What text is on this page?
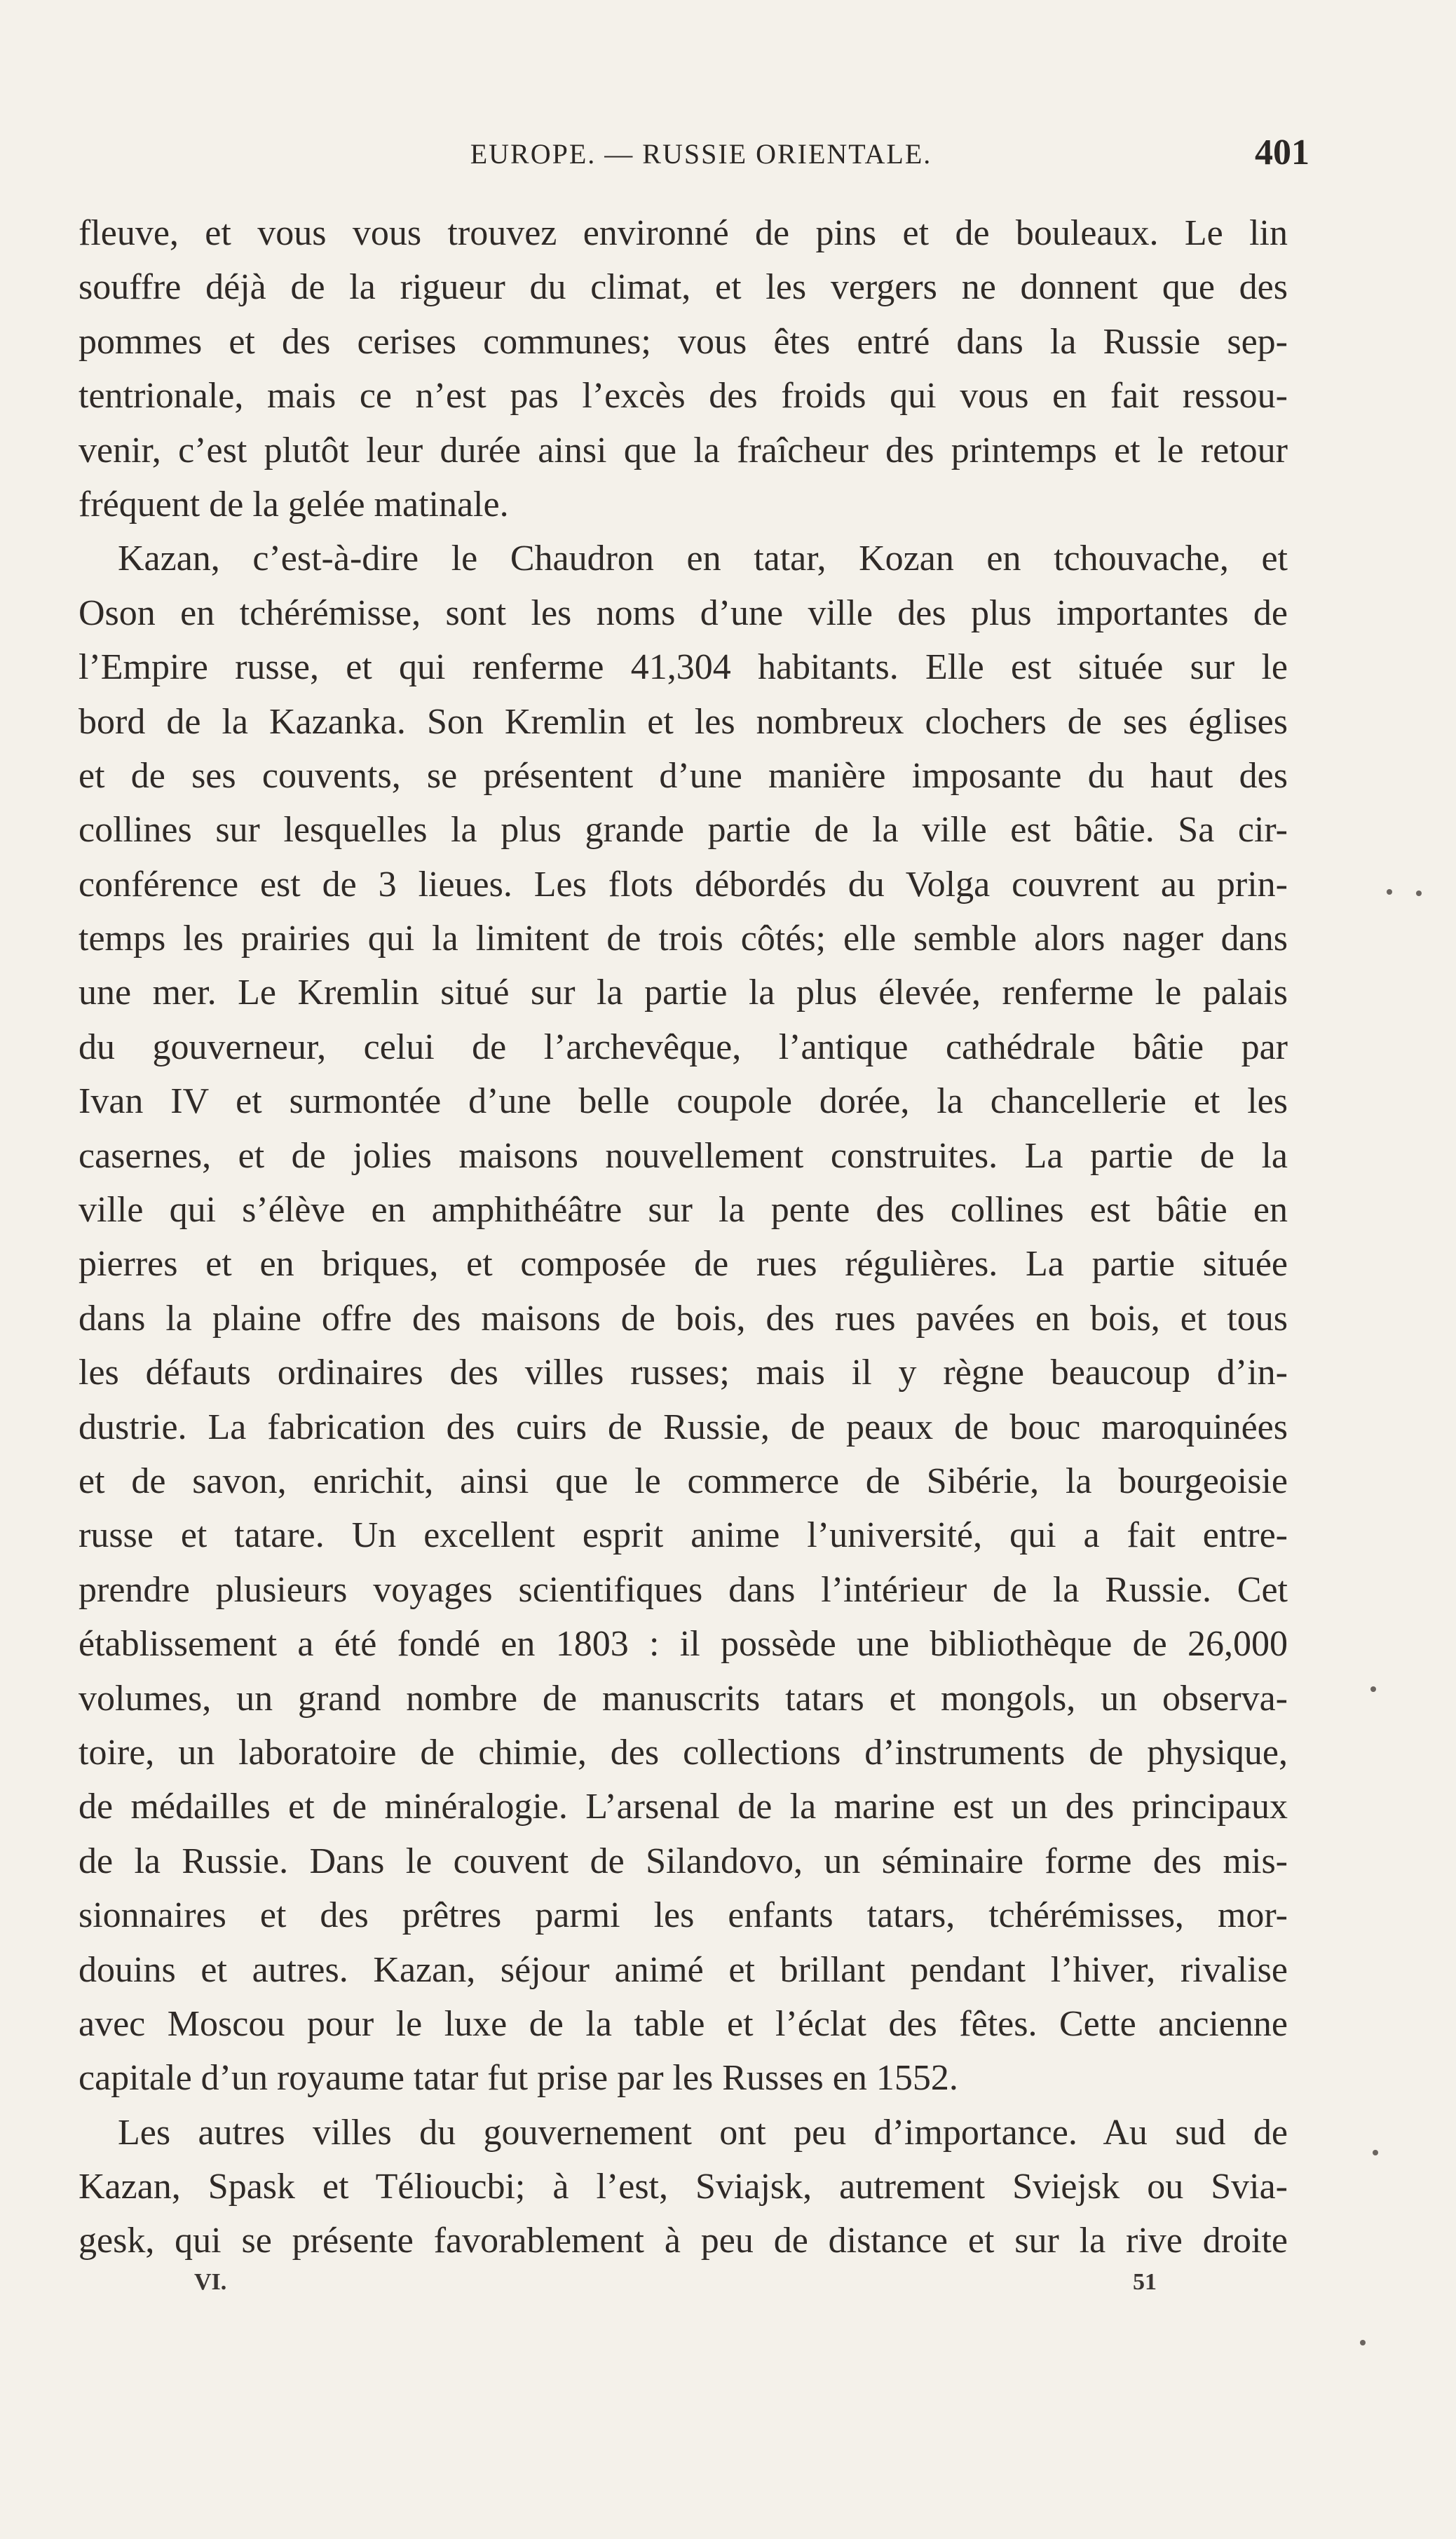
EUROPE. — RUSSIE ORIENTALE.	401
fleuve, et vous vous trouvez environné de pins et de bouleaux. Le lin
souffre déjà de la rigueur du climat, et les vergers ne donnent que des
pommes et des cerises communes; vous êtes entré dans la Russie sep-
tentrionale, mais ce n’est pas l’excès des froids qui vous en fait ressou-
venir, c’est plutôt leur durée ainsi que la fraîcheur des printemps et le retour
fréquent de la gelée matinale.
Kazan, c’est-à-dire le Chaudron en tatar, Kozan en tchouvache, et
Oson en tchérémisse, sont les noms d’une ville des plus importantes de
l’Empire russe, et qui renferme 41,304 habitants. Elle est située sur le
bord de la Kazanka. Son Kremlin et les nombreux clochers de ses églises
et de ses couvents, se présentent d’une manière imposante du haut des
collines sur lesquelles la plus grande partie de la ville est bâtie. Sa cir-
conférence est de 3 lieues. Les flots débordés du Volga couvrent au prin-
temps les prairies qui la limitent de trois côtés; elle semble alors nager dans
une mer. Le Kremlin situé sur la partie la plus élevée, renferme le palais
du gouverneur, celui de l’archevêque, l’antique cathédrale bâtie par
Ivan IV et surmontée d’une belle coupole dorée, la chancellerie et les
casernes, et de jolies maisons nouvellement construites. La partie de la
ville qui s’élève en amphithéâtre sur la pente des collines est bâtie en
pierres et en briques, et composée de rues régulières. La partie située
dans la plaine offre des maisons de bois, des rues pavées en bois, et tous
les défauts ordinaires des villes russes; mais il y règne beaucoup d’in-
dustrie. La fabrication des cuirs de Russie, de peaux de bouc maroquinées
et de savon, enrichit, ainsi que le commerce de Sibérie, la bourgeoisie
russe et tatare. Un excellent esprit anime l’université, qui a fait entre-
prendre plusieurs voyages scientifiques dans l’intérieur de la Russie. Cet
établissement a été fondé en 1803 : il possède une bibliothèque de 26,000
volumes, un grand nombre de manuscrits tatars et mongols, un observa-
toire, un laboratoire de chimie, des collections d’instruments de physique,
de médailles et de minéralogie. L’arsenal de la marine est un des principaux
de la Russie. Dans le couvent de Silandovo, un séminaire forme des mis-
sionnaires et des prêtres parmi les enfants tatars, tchérémisses, mor-
douins et autres. Kazan, séjour animé et brillant pendant l’hiver, rivalise
avec Moscou pour le luxe de la table et l’éclat des fêtes. Cette ancienne
capitale d’un royaume tatar fut prise par les Russes en 1552.
Les autres villes du gouvernement ont peu d’importance. Au sud de
Kazan, Spask et Télioucbi; à l’est, Sviajsk, autrement Sviejsk ou Svia-
gesk, qui se présente favorablement à peu de distance et sur la rive droite
VI.	51
